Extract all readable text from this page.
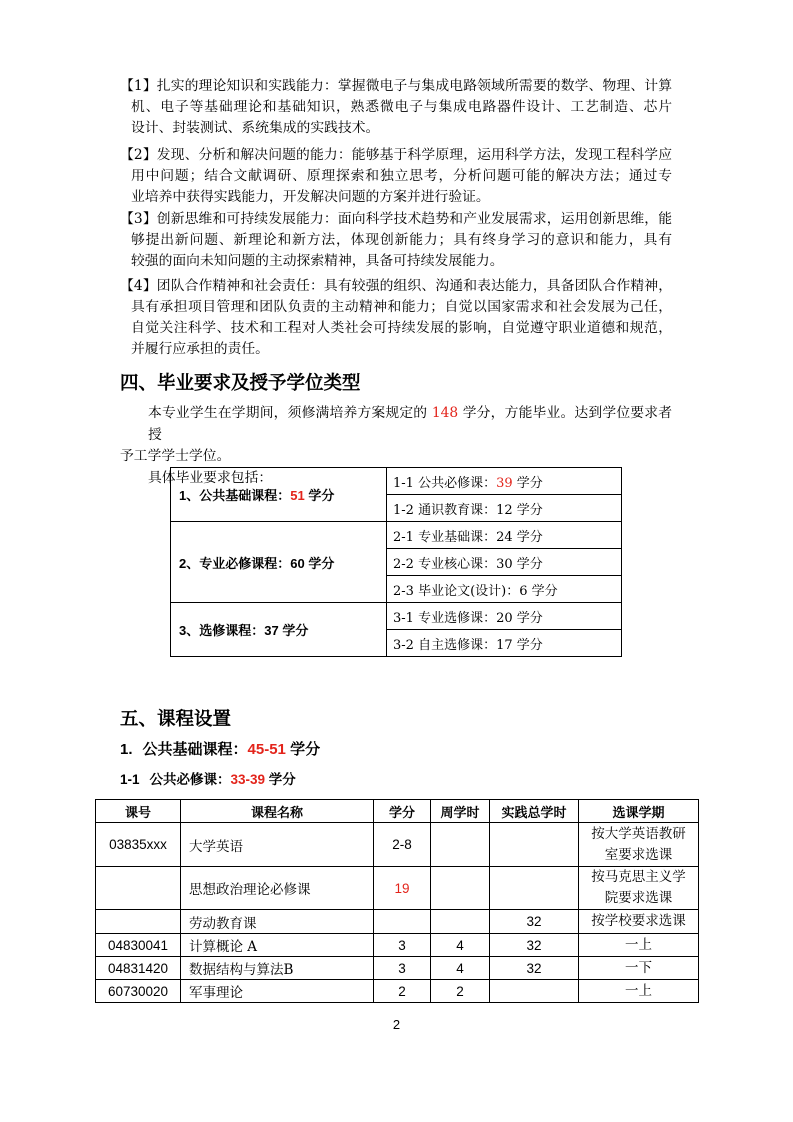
【1】扎实的理论知识和实践能力：掌握微电子与集成电路领域所需要的数学、物理、计算
机、电子等基础理论和基础知识，熟悉微电子与集成电路器件设计、工艺制造、芯片
设计、封装测试、系统集成的实践技术。
【2】发现、分析和解决问题的能力：能够基于科学原理，运用科学方法，发现工程科学应
用中问题；结合文献调研、原理探索和独立思考，分析问题可能的解决方法；通过专
业培养中获得实践能力，开发解决问题的方案并进行验证。
【3】创新思维和可持续发展能力：面向科学技术趋势和产业发展需求，运用创新思维，能
够提出新问题、新理论和新方法，体现创新能力；具有终身学习的意识和能力，具有
较强的面向未知问题的主动探索精神，具备可持续发展能力。
【4】团队合作精神和社会责任：具有较强的组织、沟通和表达能力，具备团队合作精神，
具有承担项目管理和团队负责的主动精神和能力；自觉以国家需求和社会发展为己任，
自觉关注科学、技术和工程对人类社会可持续发展的影响，自觉遵守职业道德和规范，
并履行应承担的责任。
四、毕业要求及授予学位类型
本专业学生在学期间，须修满培养方案规定的 148 学分，方能毕业。达到学位要求者授
予工学学士学位。
具体毕业要求包括：
1、公共基础课程：51 学分	1-1 公共必修课：39 学分
	1-2 通识教育课：12 学分
2、专业必修课程：60 学分	2-1 专业基础课：24 学分
	2-2 专业核心课：30 学分
	2-3 毕业论文(设计)：6 学分
3、选修课程：37 学分	3-1 专业选修课：20 学分
	3-2 自主选修课：17 学分
五、课程设置
1. 公共基础课程：45-51 学分
1-1 公共必修课：33-39 学分
课号	课程名称	学分	周学时	实践总学时	选课学期
03835xxx	大学英语	2-8			按大学英语教研室要求选课

	思想政治理论必修课	19			按马克思主义学院要求选课

	劳动教育课			32	按学校要求选课

04830041	计算概论 A	3	4	32	一上

04831420	数据结构与算法B	3	4	32	一下

60730020	军事理论	2	2		一上
2
